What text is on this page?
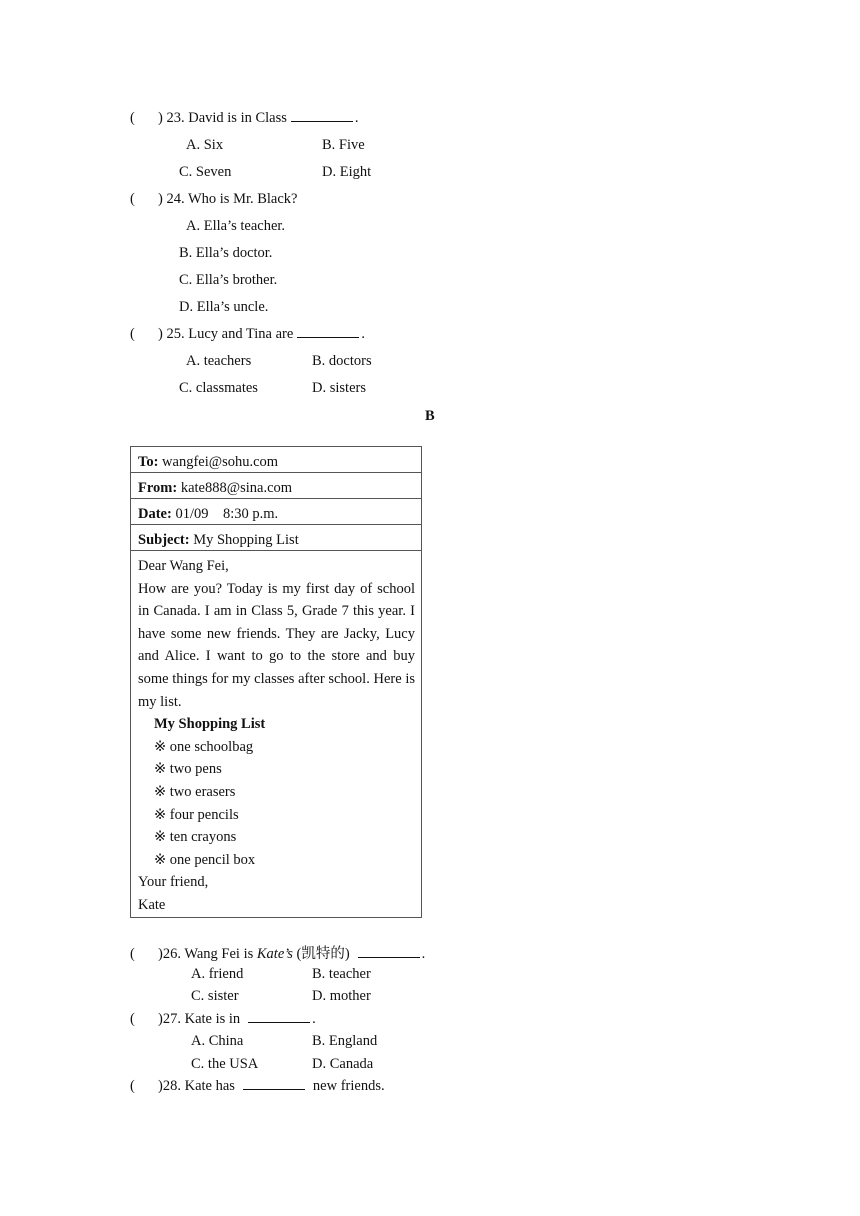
( ) 23. David is in Class	.
A. Six	B. Five
C. Seven	D. Eight
( ) 24. Who is Mr. Black?
A. Ella’s teacher.
B. Ella’s doctor.
C. Ella’s brother.
D. Ella’s uncle.
( ) 25. Lucy and Tina are	.
A. teachers	B. doctors
C. classmates	D. sisters
B
To: wangfei@sohu.com
From: kate888@sina.com
Date: 01/09    8:30 p.m.
Subject: My Shopping List
Dear Wang Fei,
How are you? Today is my first day of school in Canada. I am in Class 5, Grade 7 this year. I have some new friends. They are Jacky, Lucy and Alice. I want to go to the store and buy some things for my classes after school. Here is my list.
My Shopping List
※ one schoolbag
※ two pens
※ two erasers
※ four pencils
※ ten crayons
※ one pencil box
Your friend,
Kate
( )26. Wang Fei is Kate’s (凯特的)	.
A. friend	B. teacher
C. sister	D. mother
( )27. Kate is in	.
A. China	B. England
C. the USA	D. Canada
( )28. Kate has	new friends.
